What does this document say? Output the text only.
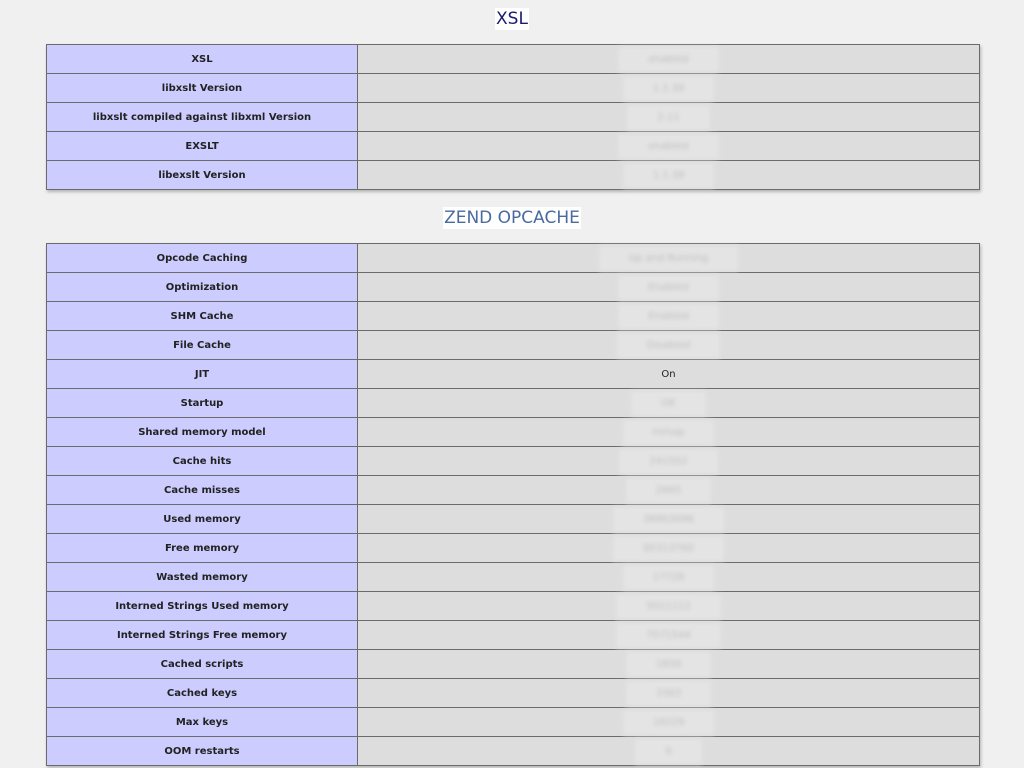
XSL
XSL	enabled
libxslt Version	1.1.39
libxslt compiled against libxml Version	2.11
EXSLT	enabled
libexslt Version	1.1.39
ZEND OPCACHE
Opcode Caching	Up and Running
Optimization	Enabled
SHM Cache	Enabled
File Cache	Disabled
JIT	On
Startup	OK
Shared memory model	mmap
Cache hits	241552
Cache misses	2895
Used memory	38903696
Free memory	95313760
Wasted memory	17728
Interned Strings Used memory	5011112
Interned Strings Free memory	7571544
Cached scripts	1859
Cached keys	3363
Max keys	16229
OOM restarts	0
